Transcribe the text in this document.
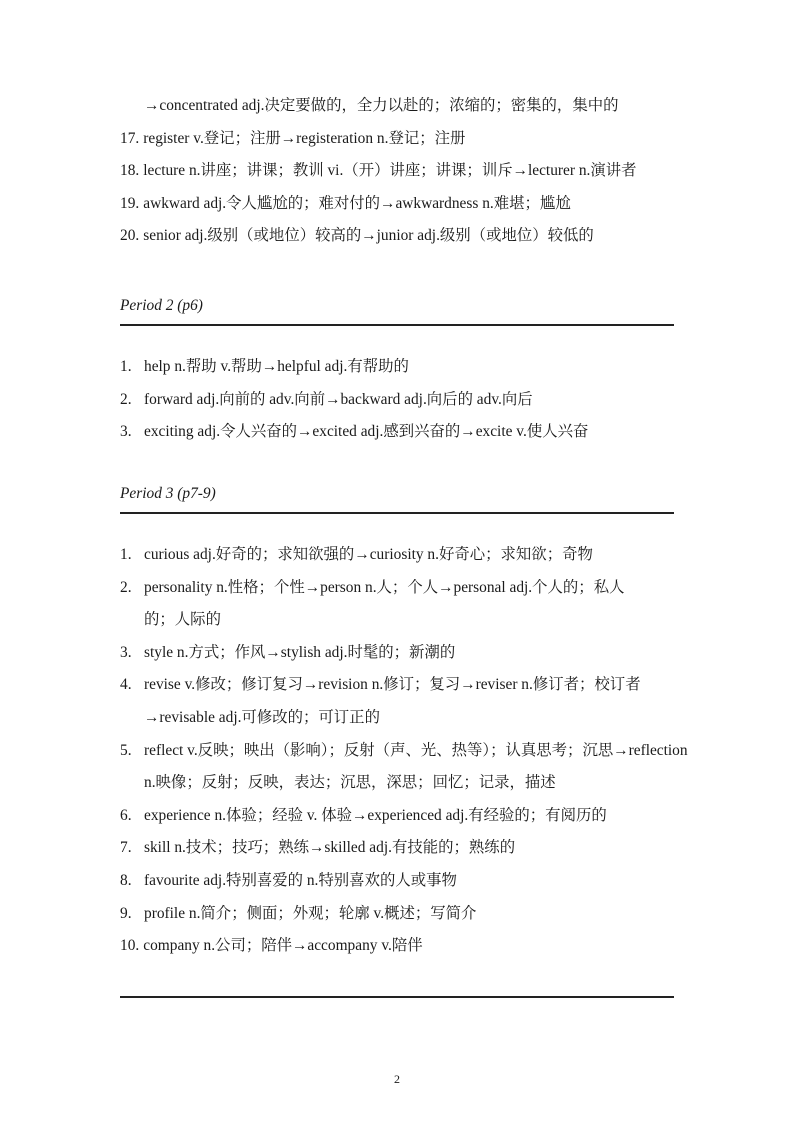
→concentrated adj.决定要做的，全力以赴的；浓缩的；密集的，集中的
17. register v.登记；注册→registeration n.登记；注册
18. lecture n.讲座；讲课；教训 vi.（开）讲座；讲课；训斥→lecturer n.演讲者
19. awkward adj.令人尴尬的；难对付的→awkwardness n.难堪；尴尬
20. senior adj.级别（或地位）较高的→junior adj.级别（或地位）较低的
Period 2 (p6)
1. help n.帮助 v.帮助→helpful adj.有帮助的
2. forward adj.向前的 adv.向前→backward adj.向后的 adv.向后
3. exciting adj.令人兴奋的→excited adj.感到兴奋的→excite v.使人兴奋
Period 3 (p7-9)
1. curious adj.好奇的；求知欲强的→curiosity n.好奇心；求知欲；奇物
2. personality n.性格；个性→person n.人；个人→personal adj.个人的；私人
的；人际的
3. style n.方式；作风→stylish adj.时髦的；新潮的
4. revise v.修改；修订复习→revision n.修订；复习→reviser n.修订者；校订者
→revisable adj.可修改的；可订正的
5. reflect v.反映；映出（影响）；反射（声、光、热等）；认真思考；沉思→reflection
n.映像；反射；反映，表达；沉思，深思；回忆；记录，描述
6. experience n.体验；经验 v. 体验→experienced adj.有经验的；有阅历的
7. skill n.技术；技巧；熟练→skilled adj.有技能的；熟练的
8. favourite adj.特别喜爱的 n.特别喜欢的人或事物
9. profile n.简介；侧面；外观；轮廓 v.概述；写简介
10. company n.公司；陪伴→accompany v.陪伴
2
